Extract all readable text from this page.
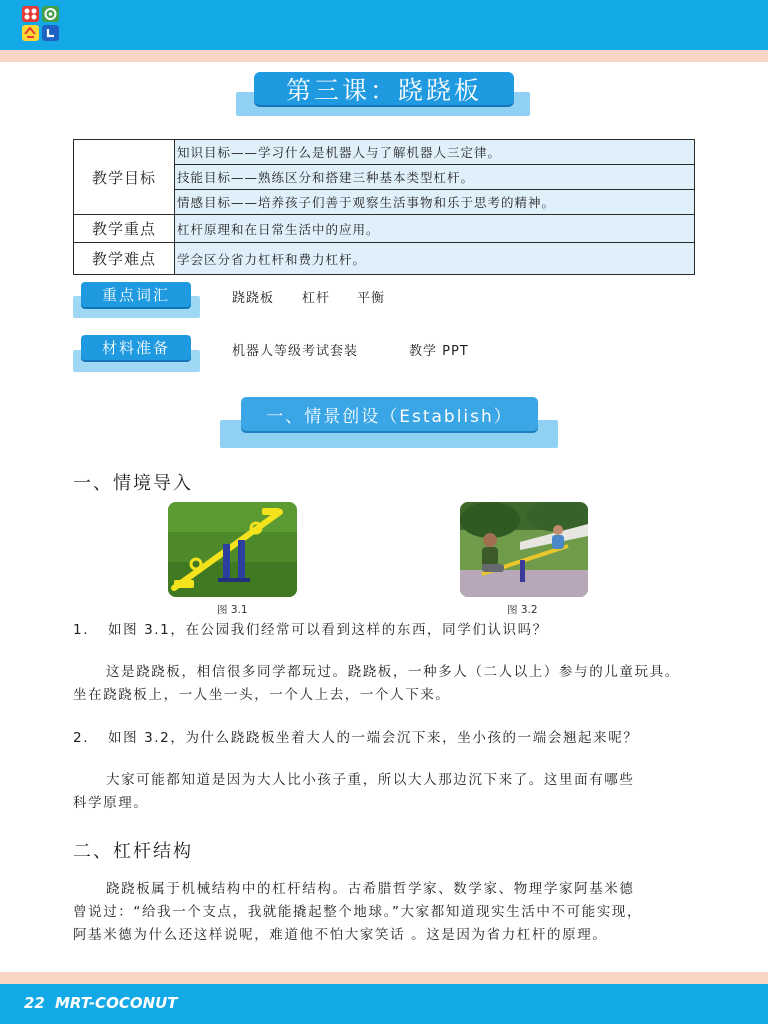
第三课：跷跷板
教学目标	知识目标——学习什么是机器人与了解机器人三定律。
	技能目标——熟练区分和搭建三种基本类型杠杆。
	情感目标——培养孩子们善于观察生活事物和乐于思考的精神。
教学重点	杠杆原理和在日常生活中的应用。
教学难点	学会区分省力杠杆和费力杠杆。
重点词汇	跷跷板 杠杆 平衡
材料准备	机器人等级考试套装	教学 PPT
一、情景创设（Establish）
一、情境导入
图 3.1	图 3.2
1. 如图 3.1，在公园我们经常可以看到这样的东西，同学们认识吗？
这是跷跷板，相信很多同学都玩过。跷跷板，一种多人（二人以上）参与的儿童玩具。
坐在跷跷板上，一人坐一头，一个人上去，一个人下来。
2. 如图 3.2，为什么跷跷板坐着大人的一端会沉下来，坐小孩的一端会翘起来呢？
大家可能都知道是因为大人比小孩子重，所以大人那边沉下来了。这里面有哪些
科学原理。
二、杠杆结构
跷跷板属于机械结构中的杠杆结构。古希腊哲学家、数学家、物理学家阿基米德
曾说过：“给我一个支点，我就能撬起整个地球。”大家都知道现实生活中不可能实现，
阿基米德为什么还这样说呢，难道他不怕大家笑话 。这是因为省力杠杆的原理。
22 MRT-COCONUT
